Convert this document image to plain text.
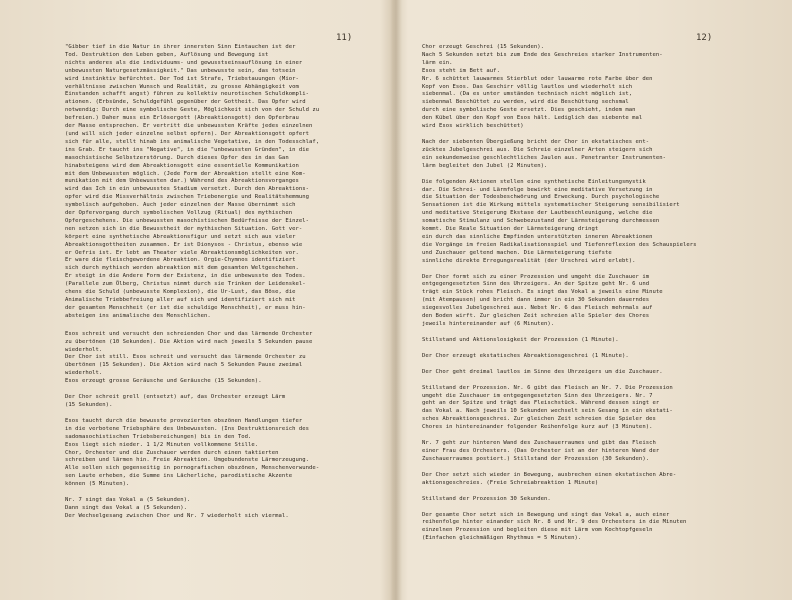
11)

"Gibber tief in die Natur in ihrer innersten Sinn Eintauchen ist der
Tod. Destruktion den Leben geben, Auflösung und Bewegung ist
nichts anderes als die individuums- und gewusstseinsauflösung in einer
unbewussten Naturgesetzmässigkeit." Das unbewusste sein, das totsein
wird instinktiv befürchtet. Der Tod ist Strafe, Triebstauungen (Mior-
verhältnisse zwischen Wunsch und Realität, zu grosse Abhängigkeit vom
Einstanden schafft angst) führen zu kollektiv neurotischen Schuldkompli-
ationen. (Erbsünde, Schuldgefühl gegenüber der Gottheit. Das Opfer wird
notwendig: Durch eine symbolische Geste, Möglichkeit sich von der Schuld zu
befreien.) Daher muss ein Erlösergott (Abreaktionsgott) den Opferbrau
der Masse entsprechen. Er vertritt die unbewussten Kräfte jedes einzelnen
(und will sich jeder einzelne selbst opfern). Der Abreaktionsgott opfert
sich für alle, stellt hinab ins animalische Vegetative, in den Todesschlaf,
ins Grab. Er taucht ins "Negative", in die "unbewussten Gründen", in die
masochistische Selbstzerstörung. Durch dieses Opfer des in das Gan
hinabsteigens wird dem Abreaktionsgott eine essentielle Kommunikation
mit dem Unbewussten möglich. (Jede Form der Abreaktion stellt eine Kom-
munikation mit dem Unbewussten dar.) Während des Abreaktionsvorganges
wird das Ich in ein unbewusstes Stadium versetzt. Durch den Abreaktions-
opfer wird die Missverhältnis zwischen Triebenergie und Realitätshemmung
symbolisch aufgehoben. Auch jeder einzelnen der Masse übernimmt sich
der Opfervorgang durch symbolischen Vollzug (Ritual) des mythischen
Opfergeschehens. Die unbewussten masochistischen Bedürfnisse der Einzel-
nen setzen sich in die Bewusstheit der mythischen Situation. Gott ver-
körpert eine synthetische Abreaktionsfigur und setzt sich aus vieler
Abreaktionsgottheiten zusammen. Er ist Dionysos - Christus, ebenso wie
er Oefris ist. Er lebt am Theater viele Abreaktionsmöglichkeiten vor.
Er ware die fleischgewordene Abreaktion. Orgie-Chymnos identifiziert
sich durch mythisch werden abreaktion mit dem gesamten Weltgeschehen.
Er steigt in die Andere Form der Existenz, in die unbewusste des Todes.
(Parallele zum Ölberg, Christus nimmt durch sie Trinken der Leidenskel-
chens die Schuld (unbewusste Komplexion), die Ur-Lust, das Böse, die
Animalische Triebbefreiung aller auf sich und identifiziert sich mit
der gesamten Menschheit (er ist die schuldige Menschheit), er muss hin-
absteigen ins animalische des Menschlichen.

Esos schreit und versucht den schreienden Chor und das lärmende Orchester
zu übertönen (10 Sekunden). Die Aktion wird nach jeweils 5 Sekunden pause
wiederholt.
Der Chor ist still. Esos schreit und versucht das lärmende Orchester zu
übertönen (15 Sekunden). Die Aktion wird nach 5 Sekunden Pause zweimal
wiederholt.
Esos erzeugt grosse Geräusche und Geräusche (15 Sekunden).

Der Chor schreit grell (entsetzt) auf, das Orchester erzeugt Lärm
(15 Sekunden).

Esos taucht durch die bewusste provozierten obszönen Handlungen tiefer
in die verbotene Triebsphäre des Unbewussten. (Ins Destruktionsreich des
sadomasochistischen Triebsbereichungen) bis in den Tod.
Esos liegt sich nieder. 1 1/2 Minuten vollkommene Stille.
Chor, Orchester und die Zuschauer werden durch einen taktierten
schreiben und lärmen hin. Freie Abreaktion. Umgebundenste Lärmerzeugung.
Alle sollen sich gegenseitig in pornografischen obszönen, Menschenverwunde-
sen Laute erheben, die Summe ins Lächerliche, parodistische Akzente
können (5 Minuten).

Nr. 7 singt das Vokal a (5 Sekunden).
Dann singt das Vokal a (5 Sekunden).
Der Wechselgesang zwischen Chor und Nr. 7 wiederholt sich viermal.

12)

Chor erzeugt Geschrei (15 Sekunden).
Nach 5 Sekunden setzt bis zum Ende des Geschreies starker Instrumenten-
lärm ein.
Esos steht im Bett auf.
Nr. 6 schüttet lauwarmes Stierblut oder lauwarme rote Farbe über den
Kopf von Esos. Das Geschirr völlig lautlos und wiederholt sich
siebenmal. (Da es unter umständen technisch nicht möglich ist,
siebenmal Beschüttet zu werden, wird die Beschüttung sechsmal
durch eine symbolische Geste ersetzt. Dies geschieht, indem man
den Kübel über den Kopf von Esos hält. Lediglich das siebente mal
wird Esos wirklich beschüttet)

Nach der siebenten Übergießung bricht der Chor in ekstatisches ent-
zücktes Jubelgeschrei aus. Die Schreie einzelner Arten steigern sich
ein sekundenweise geschlechtliches Jaulen aus. Penetranter Instrumenten-
lärm begleitet den Jubel (2 Minuten).

Die folgenden Aktionen stellen eine synthetische Einleitungsmystik
dar. Die Schrei- und Lärmfolge bewirkt eine meditative Versetzung in
die Situation der Todesbeschwörung und Erweckung. Durch psychologische
Sensationen ist die Wirkung mittels systematischer Steigerung sensibilisiert
und meditative Steigerung Ekstase der Lautbeschleunigung, welche die
somatische Stimulanz und Schwebezustand der Lärmsteigerung durchmessen
kommt. Die Reale Situation der Lärmsteigerung dringt
ein durch das sinnliche Empfinden unterstützten inneren Abreaktionen
die Vorgänge im freien Radikalisationsspiel und Tiefenreflexion des Schauspielers
und Zuschauer geltend machen. Die Lärmsteigerung tiefste
sinnliche direkte Erregungsrealität (der Urschrei wird erlebt).

Der Chor formt sich zu einer Prozession und umgeht die Zuschauer im
entgegengesetzten Sinn des Uhrzeigers. An der Spitze geht Nr. 6 und
trägt ein Stück rohes Fleisch. Es singt das Vokal a jeweils eine Minute
(mit Atempausen) und bricht dann immer in ein 30 Sekunden dauerndes
siegesvolles Jubelgeschrei aus. Nebst Nr. 6 das Fleisch mehrmals auf
den Boden wirft. Zur gleichen Zeit schreien alle Spieler des Chores
jeweils hintereinander auf (6 Minuten).

Stillstand und Aktionslosigkeit der Prozession (1 Minute).

Der Chor erzeugt ekstatisches Abreaktionsgeschrei (1 Minute).

Der Chor geht dreimal lautlos im Sinne des Uhrzeigers um die Zuschauer.

Stillstand der Prozession. Nr. 6 gibt das Fleisch an Nr. 7. Die Prozession
umgeht die Zuschauer im entgegengesetzten Sinn des Uhrzeigers. Nr. 7
geht an der Spitze und trägt das Fleischstück. Während dessen singt er
das Vokal a. Nach jeweils 10 Sekunden wechselt sein Gesang in ein ekstati-
sches Abreaktionsgeschrei. Zur gleichen Zeit schreien die Spieler des
Chores in hintereinander folgender Reihenfolge kurz auf (3 Minuten).

Nr. 7 geht zur hinteren Wand des Zuschauerraumes und gibt das Fleisch
einer Frau des Orchesters. (Das Orchester ist an der hinteren Wand der
Zuschauerraumes postiert.) Stillstand der Prozession (30 Sekunden).

Der Chor setzt sich wieder in Bewegung, ausbrechen einen ekstatischen Abre-
aktionsgeschreies. (Freie Schreiabreaktion 1 Minute)

Stillstand der Prozession 30 Sekunden.

Der gesamte Chor setzt sich in Bewegung und singt das Vokal a, auch einer
reihenfolge hinter einander sich Nr. 8 und Nr. 9 des Orchesters in die Minuten
einzelnen Prozession und begleiten diese mit Lärm vom Kochtopfgeseln
(Einfachen gleichmäßigen Rhythmus = 5 Minuten).
